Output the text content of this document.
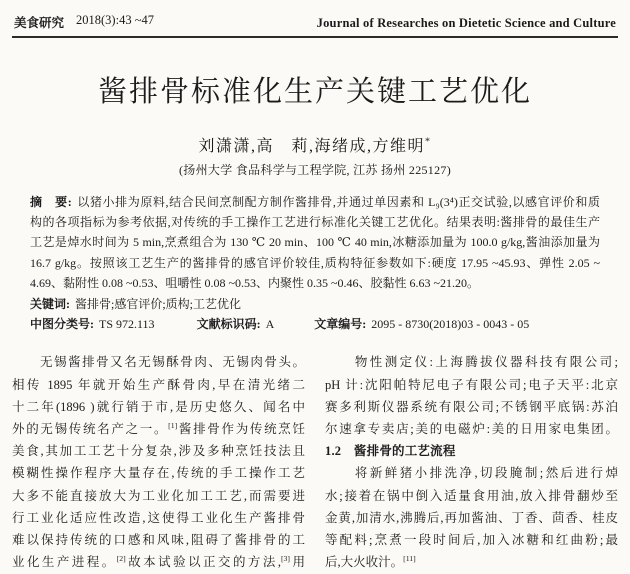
美食研究 2018(3):43 ~47	Journal of Researches on Dietetic Science and Culture
酱排骨标准化生产关键工艺优化
刘潇潇,高　莉,海绪成,方维明*
(扬州大学 食品科学与工程学院, 江苏 扬州 225127)
摘　要: 以猪小排为原料,结合民间烹制配方制作酱排骨,并通过单因素和 L₉(3⁴)正交试验,以感官评价和质
构的各项指标为参考依据,对传统的手工操作工艺进行标准化关键工艺优化。结果表明:酱排骨的最佳生产
工艺是焯水时间为 5 min,烹煮组合为 130 ℃ 20 min、100 ℃ 40 min,冰糖添加量为 100.0 g/kg,酱油添加量为
16.7 g/kg。按照该工艺生产的酱排骨的感官评价较佳,质构特征参数如下:硬度 17.95 ~45.93、弹性 2.05 ~
4.69、黏附性 0.08 ~0.53、咀嚼性 0.08 ~0.53、内聚性 0.35 ~0.46、胶黏性 6.63 ~21.20。
关键词: 酱排骨;感官评价;质构;工艺优化
中图分类号: TS 972.113	文献标识码: A	文章编号: 2095 - 8730(2018)03 - 0043 - 05
　　无锡酱排骨又名无锡酥骨肉、无锡肉骨头。
相传 1895 年就开始生产酥骨肉,早在清光绪二
十二年(1896 )就行销于市,是历史悠久、闻名中
外的无锡传统名产之一。[1]酱排骨作为传统烹饪
美食,其加工工艺十分复杂,涉及多种烹饪技法且
模糊性操作程序大量存在,传统的手工操作工艺
大多不能直接放大为工业化加工工艺,而需要进
行工业化适应性改造,这使得工业化生产酱排骨
难以保持传统的口感和风味,阻碍了酱排骨的工
业化生产进程。[2]故本试验以正交的方法,[3]用
　　物性测定仪:上海腾拔仪器科技有限公司;
pH 计:沈阳帕特尼电子有限公司;电子天平:北京
赛多利斯仪器系统有限公司;不锈钢平底锅:苏泊
尔速拿专卖店;美的电磁炉:美的日用家电集团。
1.2　酱排骨的工艺流程
　　将新鲜猪小排洗净,切段腌制;然后进行焯
水;接着在锅中倒入适量食用油,放入排骨翻炒至
金黄,加清水,沸腾后,再加酱油、丁香、茴香、桂皮
等配料;烹煮一段时间后,加入冰糖和红曲粉;最
后,大火收汁。[11]
